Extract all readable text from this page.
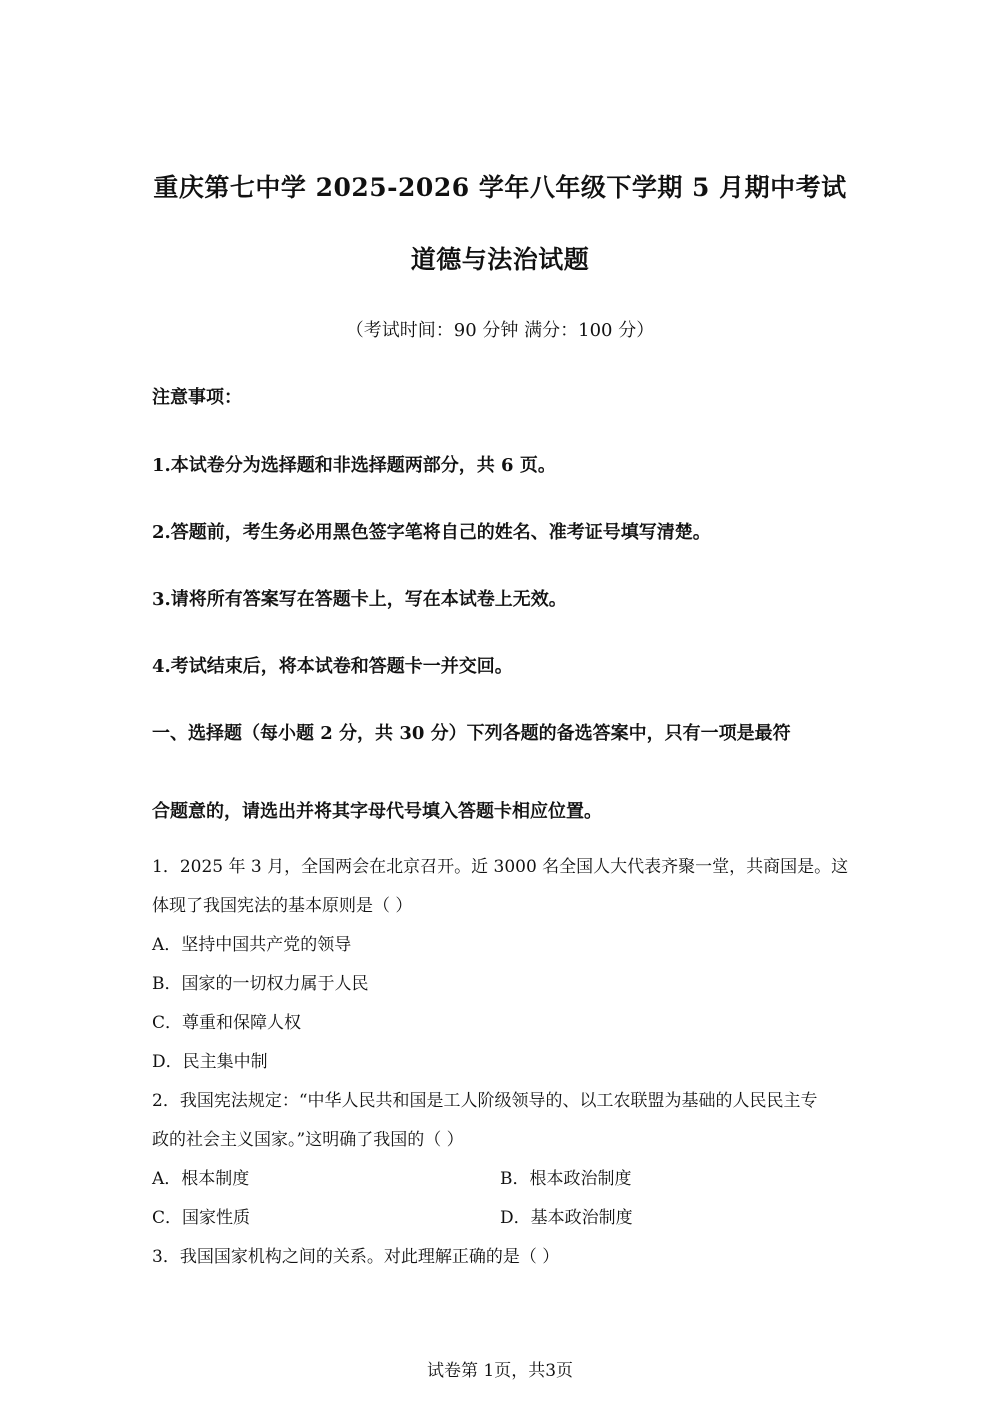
重庆第七中学 2025-2026 学年八年级下学期 5 月期中考试
道德与法治试题
（考试时间：90 分钟 满分：100 分）
注意事项：
1.本试卷分为选择题和非选择题两部分，共 6 页。
2.答题前，考生务必用黑色签字笔将自己的姓名、准考证号填写清楚。
3.请将所有答案写在答题卡上，写在本试卷上无效。
4.考试结束后，将本试卷和答题卡一并交回。
一、选择题（每小题 2 分，共 30 分）下列各题的备选答案中，只有一项是最符
合题意的，请选出并将其字母代号填入答题卡相应位置。
1．2025 年 3 月，全国两会在北京召开。近 3000 名全国人大代表齐聚一堂，共商国是。这
体现了我国宪法的基本原则是（ ）
A．坚持中国共产党的领导
B．国家的一切权力属于人民
C．尊重和保障人权
D．民主集中制
2．我国宪法规定：“中华人民共和国是工人阶级领导的、以工农联盟为基础的人民民主专
政的社会主义国家。”这明确了我国的（ ）
A．根本制度	B．根本政治制度
C．国家性质	D．基本政治制度
3．我国国家机构之间的关系。对此理解正确的是（ ）
试卷第 1页，共3页
